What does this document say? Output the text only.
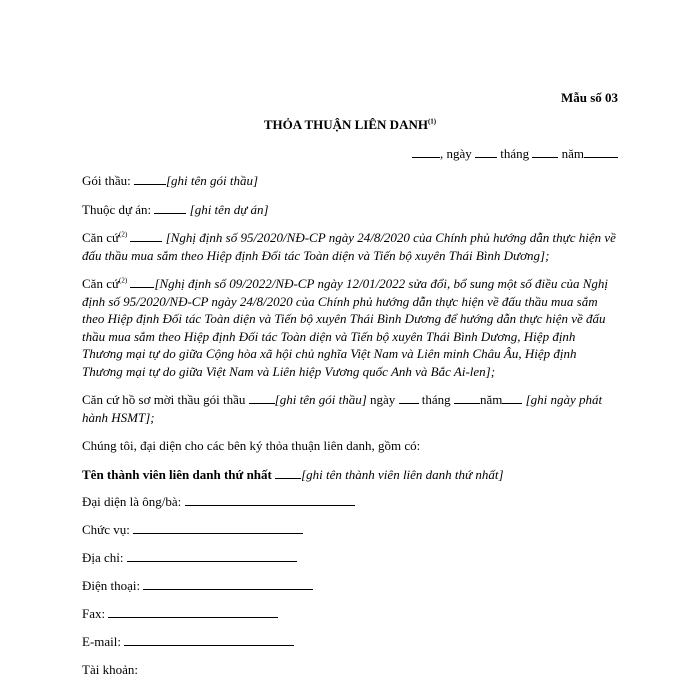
Mẫu số 03
THỎA THUẬN LIÊN DANH$^{(1)}$
, ngày tháng	năm

Gói thầu:	[ghi tên gói thầu]

Thuộc dự án:	[ghi tên dự án]

Căn cứ$^{(2)}$	[Nghị định số 95/2020/NĐ-CP ngày 24/8/2020 của Chính phủ hướng dẫn thực hiện về đấu thầu mua sắm theo Hiệp định Đối tác Toàn diện và Tiến bộ xuyên Thái Bình Dương];

Căn cứ$^{(2)}$ [Nghị định số 09/2022/NĐ-CP ngày 12/01/2022 sửa đổi, bổ sung một số điều của Nghị định số 95/2020/NĐ-CP ngày 24/8/2020 của Chính phủ hướng dẫn thực hiện về đấu thầu mua sắm theo Hiệp định Đối tác Toàn diện và Tiến bộ xuyên Thái Bình Dương để hướng dẫn thực hiện về đấu thầu mua sắm theo Hiệp định Đối tác Toàn diện và Tiến bộ xuyên Thái Bình Dương, Hiệp định Thương mại tự do giữa Cộng hòa xã hội chủ nghĩa Việt Nam và Liên minh Châu Âu, Hiệp định Thương mại tự do giữa Việt Nam và Liên hiệp Vương quốc Anh và Bắc Ai-len];

Căn cứ hồ sơ mời thầu gói thầu [ghi tên gói thầu] ngày tháng năm [ghi ngày phát hành HSMT];

Chúng tôi, đại diện cho các bên ký thỏa thuận liên danh, gồm có:

Tên thành viên liên danh thứ nhất [ghi tên thành viên liên danh thứ nhất]

Đại diện là ông/bà:
Chức vụ:
Địa chỉ:
Điện thoại:
Fax:
E-mail:
Tài khoản:
